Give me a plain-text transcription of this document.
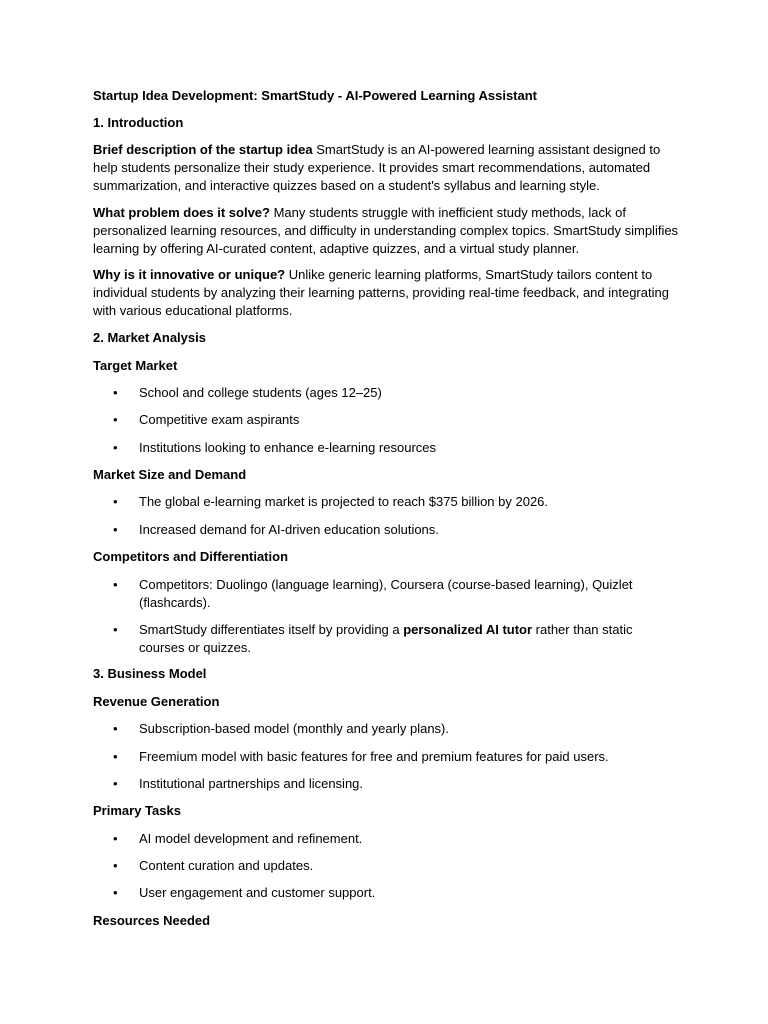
Startup Idea Development: SmartStudy - AI-Powered Learning Assistant

1. Introduction

Brief description of the startup idea SmartStudy is an AI-powered learning assistant designed to help students personalize their study experience. It provides smart recommendations, automated summarization, and interactive quizzes based on a student's syllabus and learning style.

What problem does it solve? Many students struggle with inefficient study methods, lack of personalized learning resources, and difficulty in understanding complex topics. SmartStudy simplifies learning by offering AI-curated content, adaptive quizzes, and a virtual study planner.

Why is it innovative or unique? Unlike generic learning platforms, SmartStudy tailors content to individual students by analyzing their learning patterns, providing real-time feedback, and integrating with various educational platforms.

2. Market Analysis

Target Market

•	School and college students (ages 12–25)

•	Competitive exam aspirants

•	Institutions looking to enhance e-learning resources

Market Size and Demand

•	The global e-learning market is projected to reach $375 billion by 2026.

•	Increased demand for AI-driven education solutions.

Competitors and Differentiation

•	Competitors: Duolingo (language learning), Coursera (course-based learning), Quizlet (flashcards).

•	SmartStudy differentiates itself by providing a personalized AI tutor rather than static courses or quizzes.

3. Business Model

Revenue Generation

•	Subscription-based model (monthly and yearly plans).

•	Freemium model with basic features for free and premium features for paid users.

•	Institutional partnerships and licensing.

Primary Tasks

•	AI model development and refinement.

•	Content curation and updates.

•	User engagement and customer support.

Resources Needed
